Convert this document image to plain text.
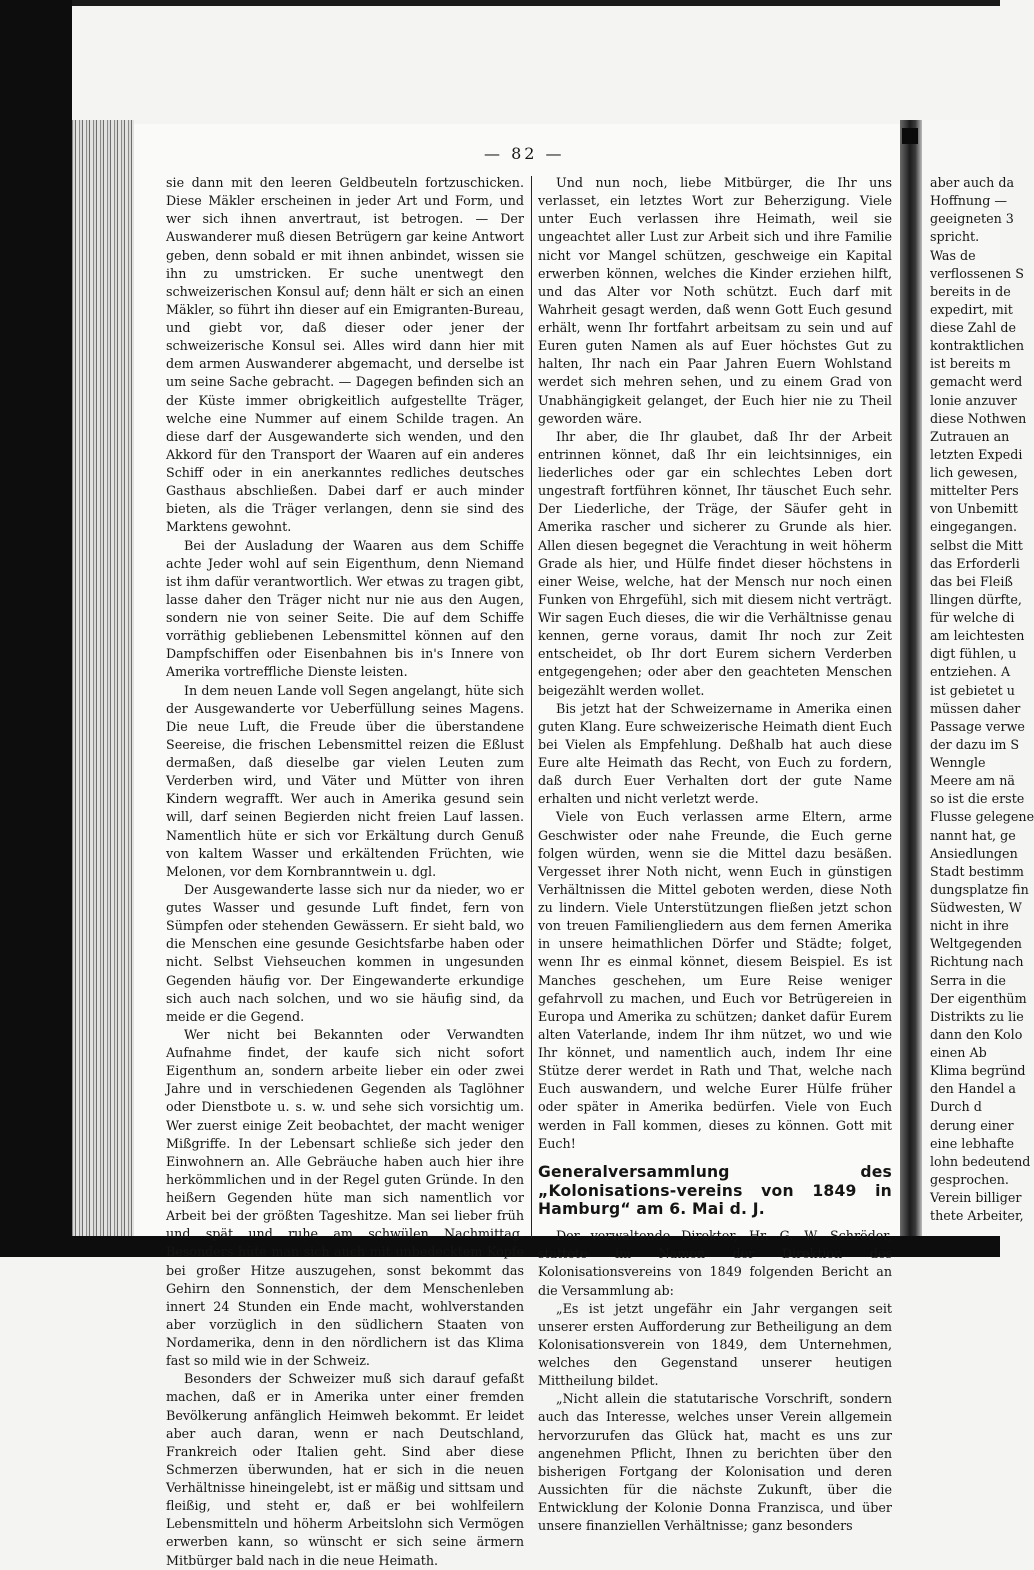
— 82 —

sie dann mit den leeren Geldbeuteln fortzuschicken. Diese Mäkler erscheinen in jeder Art und Form, und wer sich ihnen anvertraut, ist betrogen. — Der Auswanderer muß diesen Betrügern gar keine Antwort geben, denn sobald er mit ihnen anbindet, wissen sie ihn zu umstricken. Er suche unentwegt den schweizerischen Konsul auf; denn hält er sich an einen Mäkler, so führt ihn dieser auf ein Emigranten-Bureau, und giebt vor, daß dieser oder jener der schweizerische Konsul sei. Alles wird dann hier mit dem armen Auswanderer abgemacht, und derselbe ist um seine Sache gebracht. — Dagegen befinden sich an der Küste immer obrigkeitlich aufgestellte Träger, welche eine Nummer auf einem Schilde tragen. An diese darf der Ausgewanderte sich wenden, und den Akkord für den Transport der Waaren auf ein anderes Schiff oder in ein anerkanntes redliches deutsches Gasthaus abschließen. Dabei darf er auch minder bieten, als die Träger verlangen, denn sie sind des Marktens gewohnt.

Bei der Ausladung der Waaren aus dem Schiffe achte Jeder wohl auf sein Eigenthum, denn Niemand ist ihm dafür verantwortlich. Wer etwas zu tragen gibt, lasse daher den Träger nicht nur nie aus den Augen, sondern nie von seiner Seite. Die auf dem Schiffe vorräthig gebliebenen Lebensmittel können auf den Dampfschiffen oder Eisenbahnen bis in's Innere von Amerika vortreffliche Dienste leisten.

In dem neuen Lande voll Segen angelangt, hüte sich der Ausgewanderte vor Ueberfüllung seines Magens. Die neue Luft, die Freude über die überstandene Seereise, die frischen Lebensmittel reizen die Eßlust dermaßen, daß dieselbe gar vielen Leuten zum Verderben wird, und Väter und Mütter von ihren Kindern wegrafft. Wer auch in Amerika gesund sein will, darf seinen Begierden nicht freien Lauf lassen. Namentlich hüte er sich vor Erkältung durch Genuß von kaltem Wasser und erkältenden Früchten, wie Melonen, vor dem Kornbranntwein u. dgl.

Der Ausgewanderte lasse sich nur da nieder, wo er gutes Wasser und gesunde Luft findet, fern von Sümpfen oder stehenden Gewässern. Er sieht bald, wo die Menschen eine gesunde Gesichtsfarbe haben oder nicht. Selbst Viehseuchen kommen in ungesunden Gegenden häufig vor. Der Eingewanderte erkundige sich auch nach solchen, und wo sie häufig sind, da meide er die Gegend.

Wer nicht bei Bekannten oder Verwandten Aufnahme findet, der kaufe sich nicht sofort Eigenthum an, sondern arbeite lieber ein oder zwei Jahre und in verschiedenen Gegenden als Taglöhner oder Dienstbote u. s. w. und sehe sich vorsichtig um. Wer zuerst einige Zeit beobachtet, der macht weniger Mißgriffe. In der Lebensart schließe sich jeder den Einwohnern an. Alle Gebräuche haben auch hier ihre herkömmlichen und in der Regel guten Gründe. In den heißern Gegenden hüte man sich namentlich vor Arbeit bei der größten Tageshitze. Man sei lieber früh und spät und ruhe am schwülen Nachmittag. Besonders hüte man sich auch mit unbedecktem Kopfe bei großer Hitze auszugehen, sonst bekommt das Gehirn den Sonnenstich, der dem Menschenleben innert 24 Stunden ein Ende macht, wohlverstanden aber vorzüglich in den südlichern Staaten von Nordamerika, denn in den nördlichern ist das Klima fast so mild wie in der Schweiz.

Besonders der Schweizer muß sich darauf gefaßt machen, daß er in Amerika unter einer fremden Bevölkerung anfänglich Heimweh bekommt. Er leidet aber auch daran, wenn er nach Deutschland, Frankreich oder Italien geht. Sind aber diese Schmerzen überwunden, hat er sich in die neuen Verhältnisse hineingelebt, ist er mäßig und sittsam und fleißig, und steht er, daß er bei wohlfeilern Lebensmitteln und höherm Arbeitslohn sich Vermögen erwerben kann, so wünscht er sich seine ärmern Mitbürger bald nach in die neue Heimath.

Und nun noch, liebe Mitbürger, die Ihr uns verlasset, ein letztes Wort zur Beherzigung. Viele unter Euch verlassen ihre Heimath, weil sie ungeachtet aller Lust zur Arbeit sich und ihre Familie nicht vor Mangel schützen, geschweige ein Kapital erwerben können, welches die Kinder erziehen hilft, und das Alter vor Noth schützt. Euch darf mit Wahrheit gesagt werden, daß wenn Gott Euch gesund erhält, wenn Ihr fortfahrt arbeitsam zu sein und auf Euren guten Namen als auf Euer höchstes Gut zu halten, Ihr nach ein Paar Jahren Euern Wohlstand werdet sich mehren sehen, und zu einem Grad von Unabhängigkeit gelanget, der Euch hier nie zu Theil geworden wäre.

Ihr aber, die Ihr glaubet, daß Ihr der Arbeit entrinnen könnet, daß Ihr ein leichtsinniges, ein liederliches oder gar ein schlechtes Leben dort ungestraft fortführen könnet, Ihr täuschet Euch sehr. Der Liederliche, der Träge, der Säufer geht in Amerika rascher und sicherer zu Grunde als hier. Allen diesen begegnet die Verachtung in weit höherm Grade als hier, und Hülfe findet dieser höchstens in einer Weise, welche, hat der Mensch nur noch einen Funken von Ehrgefühl, sich mit diesem nicht verträgt. Wir sagen Euch dieses, die wir die Verhältnisse genau kennen, gerne voraus, damit Ihr noch zur Zeit entscheidet, ob Ihr dort Eurem sichern Verderben entgegengehen; oder aber den geachteten Menschen beigezählt werden wollet.

Bis jetzt hat der Schweizername in Amerika einen guten Klang. Eure schweizerische Heimath dient Euch bei Vielen als Empfehlung. Deßhalb hat auch diese Eure alte Heimath das Recht, von Euch zu fordern, daß durch Euer Verhalten dort der gute Name erhalten und nicht verletzt werde.

Viele von Euch verlassen arme Eltern, arme Geschwister oder nahe Freunde, die Euch gerne folgen würden, wenn sie die Mittel dazu besäßen. Vergesset ihrer Noth nicht, wenn Euch in günstigen Verhältnissen die Mittel geboten werden, diese Noth zu lindern. Viele Unterstützungen fließen jetzt schon von treuen Familiengliedern aus dem fernen Amerika in unsere heimathlichen Dörfer und Städte; folget, wenn Ihr es einmal könnet, diesem Beispiel. Es ist Manches geschehen, um Eure Reise weniger gefahrvoll zu machen, und Euch vor Betrügereien in Europa und Amerika zu schützen; danket dafür Eurem alten Vaterlande, indem Ihr ihm nützet, wo und wie Ihr könnet, und namentlich auch, indem Ihr eine Stütze derer werdet in Rath und That, welche nach Euch auswandern, und welche Eurer Hülfe früher oder später in Amerika bedürfen. Viele von Euch werden in Fall kommen, dieses zu können. Gott mit Euch!

Generalversammlung des „Kolonisations-vereins von 1849 in Hamburg“ am 6. Mai d. J.

Der verwaltende Direktor, Hr. G. W. Schröder, stattete im Namen der Direktion des Kolonisationsvereins von 1849 folgenden Bericht an die Versammlung ab:

„Es ist jetzt ungefähr ein Jahr vergangen seit unserer ersten Aufforderung zur Betheiligung an dem Kolonisationsverein von 1849, dem Unternehmen, welches den Gegenstand unserer heutigen Mittheilung bildet.

„Nicht allein die statutarische Vorschrift, sondern auch das Interesse, welches unser Verein allgemein hervorzurufen das Glück hat, macht es uns zur angenehmen Pflicht, Ihnen zu berichten über den bisherigen Fortgang der Kolonisation und deren Aussichten für die nächste Zukunft, über die Entwicklung der Kolonie Donna Franzisca, und über unsere finanziellen Verhältnisse; ganz besonders

aber auch da
Hoffnung —
geeigneten 3
spricht.
Was de
verflossenen S
bereits in de
expedirt, mit
diese Zahl de
kontraktlichen
ist bereits m
gemacht werd
lonie anzuver
diese Nothwen
Zutrauen an
letzten Expedi
lich gewesen,
mittelter Pers
von Unbemitt
eingegangen.
selbst die Mitt
das Erforderli
das bei Fleiß
llingen dürfte,
für welche di
am leichtesten
digt fühlen, u
entziehen. A
ist gebietet u
müssen daher
Passage verwe
der dazu im S
Wenngle
Meere am nä
so ist die erste
Flusse gelegene
nannt hat, ge
Ansiedlungen
Stadt bestimm
dungsplatze fin
Südwesten, W
nicht in ihre
Weltgegenden
Richtung nach
Serra in die
Der eigenthüm
Distrikts zu lie
dann den Kolo
einen Ab
Klima begründ
den Handel a
Durch d
derung einer
eine lebhafte
lohn bedeutend
gesprochen.
Verein billiger
thete Arbeiter,
